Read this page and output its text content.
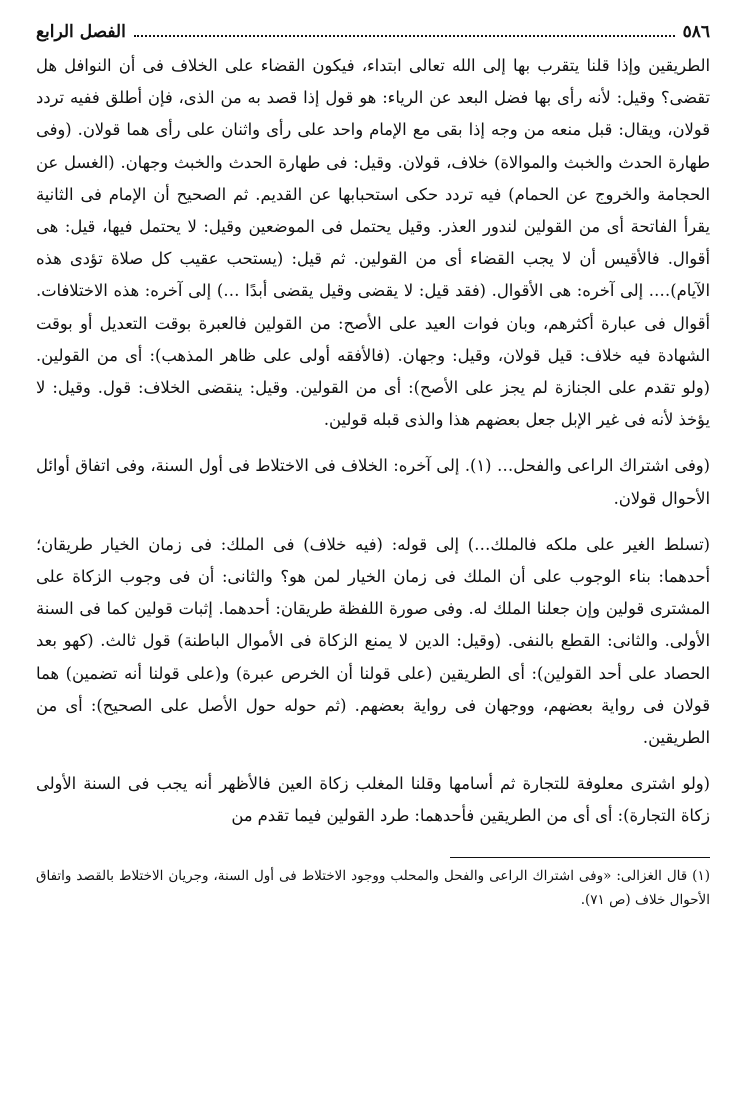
٥٨٦
الفصل الرابع

الطريقين وإذا قلنا يتقرب بها إلى الله تعالى ابتداء، فيكون القضاء على الخلاف فى أن النوافل هل تقضى؟ وقيل: لأنه رأى بها فضل البعد عن الرياء: هو قول إذا قصد به من الذى، فإن أطلق ففيه تردد قولان، ويقال: قبل منعه من وجه إذا بقى مع الإمام واحد على رأى واثنان على رأى هما قولان. (وفى طهارة الحدث والخبث والموالاة) خلاف، قولان. وقيل: فى طهارة الحدث والخبث وجهان. (الغسل عن الحجامة والخروج عن الحمام) فيه تردد حكى استحبابها عن القديم. ثم الصحيح أن الإمام فى الثانية يقرأ الفاتحة أى من القولين لندور العذر. وقيل يحتمل فى الموضعين وقيل: لا يحتمل فيها، قيل: هى أقوال. فالأقيس أن لا يجب القضاء أى من القولين. ثم قيل: (يستحب عقيب كل صلاة تؤدى هذه الآيام)…. إلى آخره: هى الأقوال. (فقد قيل: لا يقضى وقيل يقضى أبدًا …) إلى آخره: هذه الاختلافات. أقوال فى عبارة أكثرهم، وبان فوات العيد على الأصح: من القولين فالعبرة بوقت التعديل أو بوقت الشهادة فيه خلاف: قيل قولان، وقيل: وجهان. (فالأفقه أولى على ظاهر المذهب): أى من القولين. (ولو تقدم على الجنازة لم يجز على الأصح): أى من القولين. وقيل: ينقضى الخلاف: قول. وقيل: لا يؤخذ لأنه فى غير الإبل جعل بعضهم هذا والذى قبله قولين.

(وفى اشتراك الراعى والفحل… (١). إلى آخره: الخلاف فى الاختلاط فى أول السنة، وفى اتفاق أوائل الأحوال قولان.

(تسلط الغير على ملكه فالملك…) إلى قوله: (فيه خلاف) فى الملك: فى زمان الخيار طريقان؛ أحدهما: بناء الوجوب على أن الملك فى زمان الخيار لمن هو؟ والثانى: أن فى وجوب الزكاة على المشترى قولين وإن جعلنا الملك له. وفى صورة اللفظة طريقان: أحدهما. إثبات قولين كما فى السنة الأولى. والثانى: القطع بالنفى. (وقيل: الدين لا يمنع الزكاة فى الأموال الباطنة) قول ثالث. (كهو بعد الحصاد على أحد القولين): أى الطريقين (على قولنا أن الخرص عبرة) و(على قولنا أنه تضمين) هما قولان فى رواية بعضهم، ووجهان فى رواية بعضهم. (ثم حوله حول الأصل على الصحيح): أى من الطريقين.

(ولو اشترى معلوفة للتجارة ثم أسامها وقلنا المغلب زكاة العين فالأظهر أنه يجب فى السنة الأولى زكاة التجارة): أى أى من الطريقين فأحدهما: طرد القولين فيما تقدم من

(١) قال الغزالى: «وفى اشتراك الراعى والفحل والمحلب ووجود الاختلاط فى أول السنة، وجريان الاختلاط بالقصد واتفاق الأحوال خلاف (ص ٧١).
